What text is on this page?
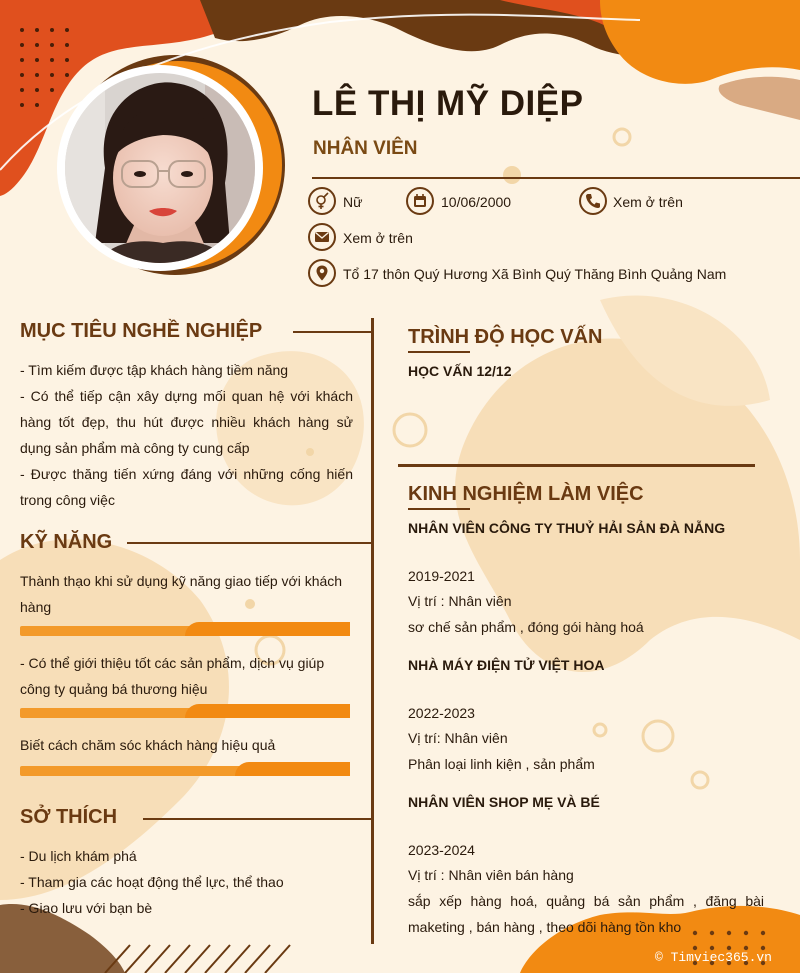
LÊ THỊ MỸ DIỆP
NHÂN VIÊN
Nữ	10/06/2000	Xem ở trên
Xem ở trên
Tổ 17 thôn Quý Hương Xã Bình Quý Thăng Bình Quảng Nam
MỤC TIÊU NGHỀ NGHIỆP
- Tìm kiếm được tập khách hàng tiềm năng
- Có thể tiếp cận xây dựng mối quan hệ với khách hàng tốt đẹp, thu hút được nhiều khách hàng sử dụng sản phẩm mà công ty cung cấp
- Được thăng tiến xứng đáng với những cống hiến trong công việc
KỸ NĂNG
Thành thạo khi sử dụng kỹ năng giao tiếp với khách hàng
- Có thể giới thiệu tốt các sản phẩm, dịch vụ giúp công ty quảng bá thương hiệu
Biết cách chăm sóc khách hàng hiệu quả
SỞ THÍCH
- Du lịch khám phá
- Tham gia các hoạt động thể lực, thể thao
- Giao lưu với bạn bè
TRÌNH ĐỘ HỌC VẤN
HỌC VẤN 12/12
KINH NGHIỆM LÀM VIỆC
NHÂN VIÊN CÔNG TY THUỶ HẢI SẢN ĐÀ NẴNG
2019-2021
Vị trí : Nhân viên
sơ chế sản phẩm , đóng gói hàng hoá
NHÀ MÁY ĐIỆN TỬ VIỆT HOA
2022-2023
Vị trí: Nhân viên
Phân loại linh kiện , sản phẩm
NHÂN VIÊN SHOP MẸ VÀ BÉ
2023-2024
Vị trí : Nhân viên bán hàng
sắp xếp hàng hoá, quảng bá sản phẩm , đăng bài maketing , bán hàng , theo dõi hàng tồn kho
© Timviec365.vn
